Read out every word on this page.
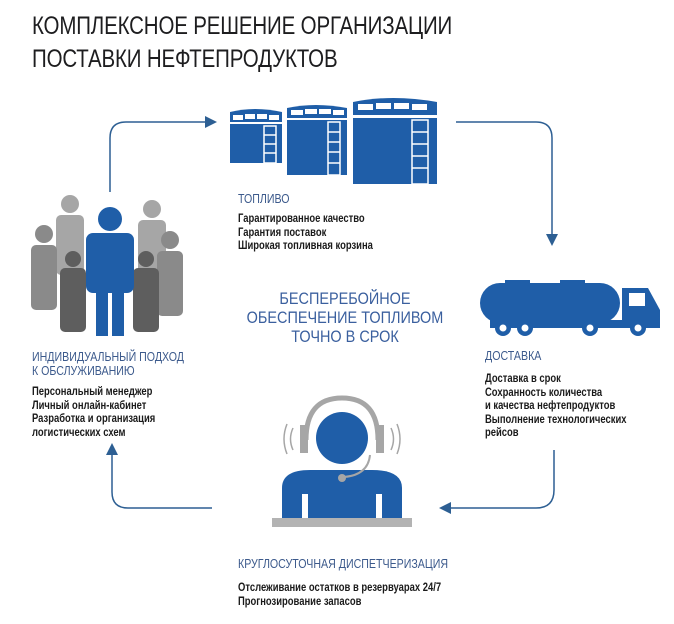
КОМПЛЕКСНОЕ РЕШЕНИЕ ОРГАНИЗАЦИИ
ПОСТАВКИ НЕФТЕПРОДУКТОВ
ТОПЛИВО
Гарантированное качество
Гарантия поставок
Широкая топливная корзина
БЕСПЕРЕБОЙНОЕ
ОБЕСПЕЧЕНИЕ ТОПЛИВОМ
ТОЧНО В СРОК
ИНДИВИДУАЛЬНЫЙ ПОДХОД
К ОБСЛУЖИВАНИЮ
Персональный менеджер
Личный онлайн-кабинет
Разработка и организация
логистических схем
ДОСТАВКА
Доставка в срок
Сохранность количества
и качества нефтепродуктов
Выполнение технологических
рейсов
КРУГЛОСУТОЧНАЯ ДИСПЕТЧЕРИЗАЦИЯ
Отслеживание остатков в резервуарах 24/7
Прогнозирование запасов
